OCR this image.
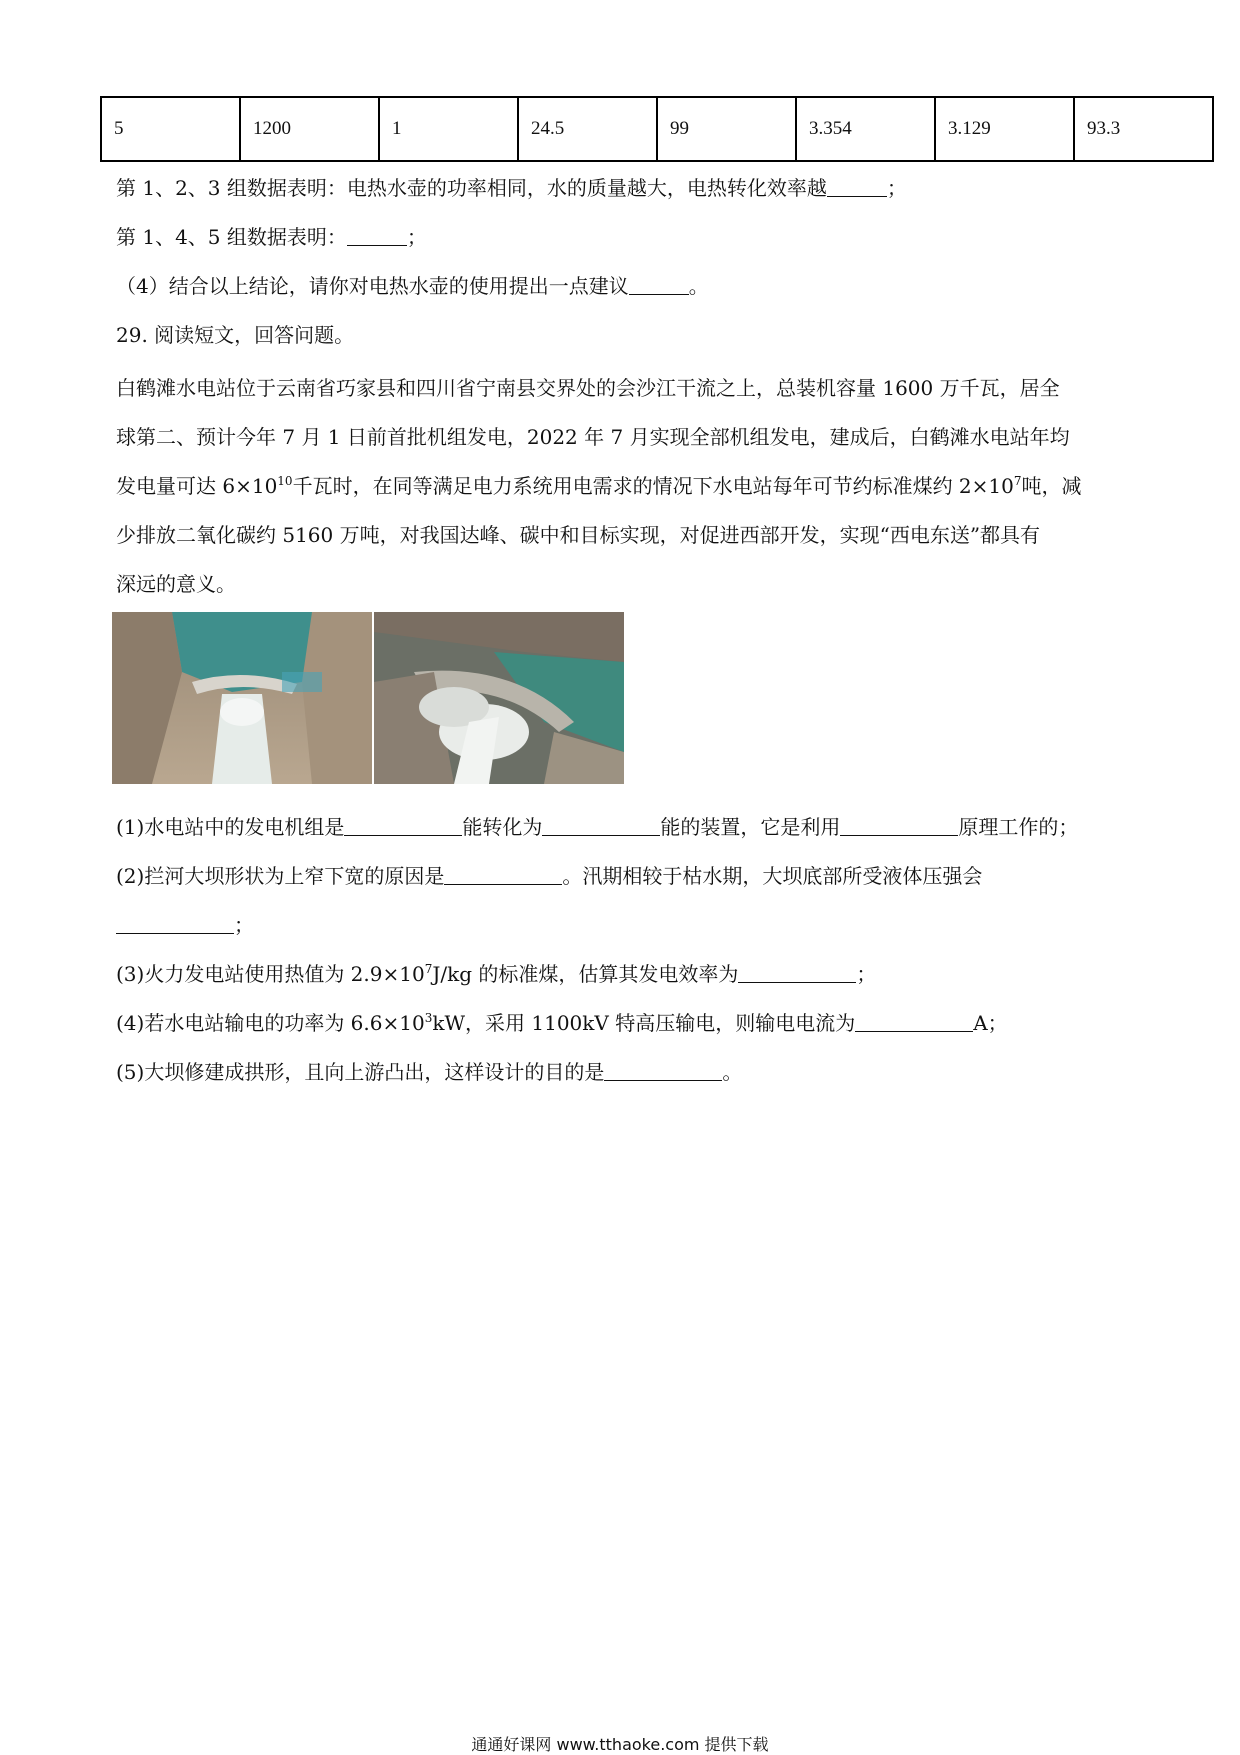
5	1200	1	24.5	99	3.354	3.129	93.3
第 1、2、3 组数据表明：电热水壶的功率相同，水的质量越大，电热转化效率越	；
第 1、4、5 组数据表明：	；
（4）结合以上结论，请你对电热水壶的使用提出一点建议	。
29. 阅读短文，回答问题。
白鹤滩水电站位于云南省巧家县和四川省宁南县交界处的会沙江干流之上，总装机容量 1600 万千瓦，居全
球第二、预计今年 7 月 1 日前首批机组发电，2022 年 7 月实现全部机组发电，建成后，白鹤滩水电站年均
发电量可达 $6\times 10^{10}$千瓦时，在同等满足电力系统用电需求的情况下水电站每年可节约标准煤约 $2\times 10^7$吨，减
少排放二氧化碳约 5160 万吨，对我国达峰、碳中和目标实现，对促进西部开发，实现“西电东送”都具有
深远的意义。
(1)水电站中的发电机组是	能转化为	能的装置，它是利用	原理工作的；
(2)拦河大坝形状为上窄下宽的原因是	。汛期相较于枯水期，大坝底部所受液体压强会
；
(3)火力发电站使用热值为 $2.9\times 10^7J/kg$ 的标准煤，估算其发电效率为	；
(4)若水电站输电的功率为 $6.6\times 10^3kW$，采用 1100kV 特高压输电，则输电电流为	A；
(5)大坝修建成拱形，且向上游凸出，这样设计的目的是	。
通通好课网 www.tthaoke.com 提供下载
